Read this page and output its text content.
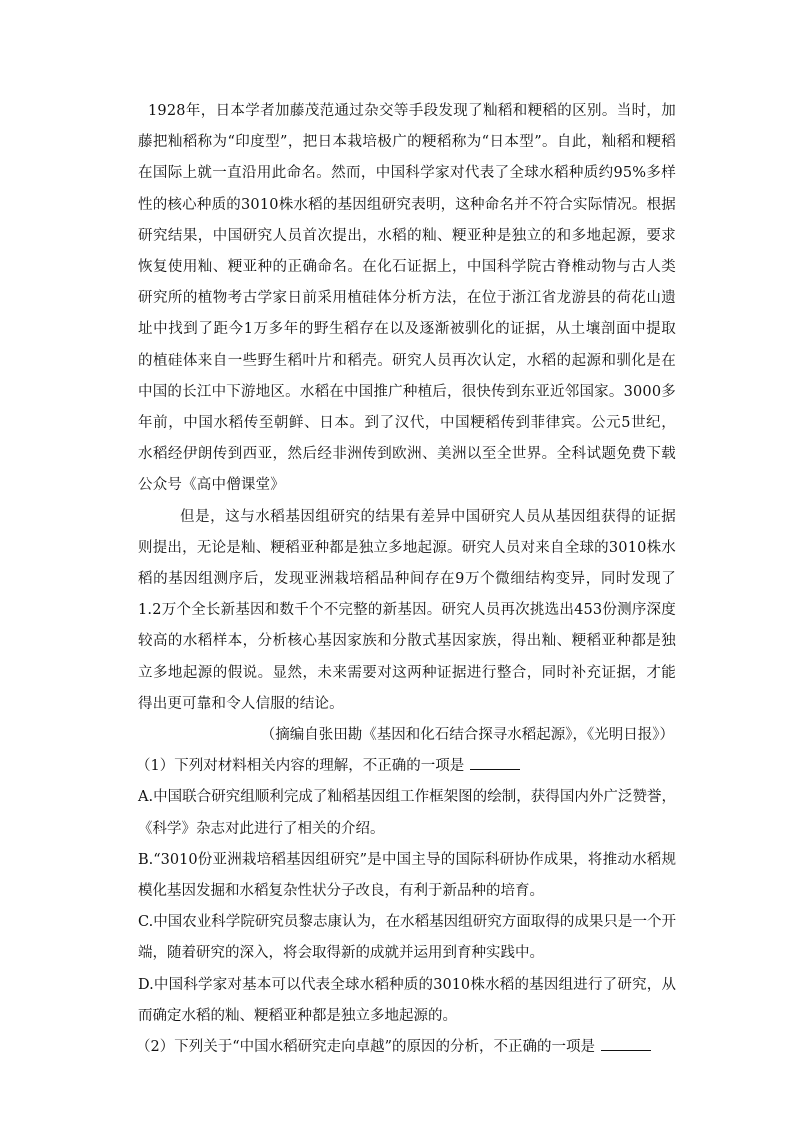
1928年，日本学者加藤茂范通过杂交等手段发现了籼稻和粳稻的区别。当时，加藤把籼稻称为“印度型”，把日本栽培极广的粳稻称为“日本型”。自此，籼稻和粳稻在国际上就一直沿用此命名。然而，中国科学家对代表了全球水稻种质约95%多样性的核心种质的3010株水稻的基因组研究表明，这种命名并不符合实际情况。根据研究结果，中国研究人员首次提出，水稻的籼、粳亚种是独立的和多地起源，要求恢复使用籼、粳亚种的正确命名。在化石证据上，中国科学院古脊椎动物与古人类研究所的植物考古学家日前采用植硅体分析方法，在位于浙江省龙游县的荷花山遗址中找到了距今1万多年的野生稻存在以及逐渐被驯化的证据，从土壤剖面中提取的植硅体来自一些野生稻叶片和稻壳。研究人员再次认定，水稻的起源和驯化是在中国的长江中下游地区。水稻在中国推广种植后，很快传到东亚近邻国家。3000多年前，中国水稻传至朝鲜、日本。到了汉代，中国粳稻传到菲律宾。公元5世纪，水稻经伊朗传到西亚，然后经非洲传到欧洲、美洲以至全世界。全科试题免费下载公众号《高中僧课堂》

但是，这与水稻基因组研究的结果有差异中国研究人员从基因组获得的证据则提出，无论是籼、粳稻亚种都是独立多地起源。研究人员对来自全球的3010株水稻的基因组测序后，发现亚洲栽培稻品种间存在9万个微细结构变异，同时发现了1.2万个全长新基因和数千个不完整的新基因。研究人员再次挑选出453份测序深度较高的水稻样本，分析核心基因家族和分散式基因家族，得出籼、粳稻亚种都是独立多地起源的假说。显然，未来需要对这两种证据进行整合，同时补充证据，才能得出更可靠和令人信服的结论。

（摘编自张田勘《基因和化石结合探寻水稻起源》，《光明日报》）

（1）下列对材料相关内容的理解，不正确的一项是

A.中国联合研究组顺利完成了籼稻基因组工作框架图的绘制，获得国内外广泛赞誉，《科学》杂志对此进行了相关的介绍。

B.“3010份亚洲栽培稻基因组研究”是中国主导的国际科研协作成果，将推动水稻规模化基因发掘和水稻复杂性状分子改良，有利于新品种的培育。

C.中国农业科学院研究员黎志康认为，在水稻基因组研究方面取得的成果只是一个开端，随着研究的深入，将会取得新的成就并运用到育种实践中。

D.中国科学家对基本可以代表全球水稻种质的3010株水稻的基因组进行了研究，从而确定水稻的籼、粳稻亚种都是独立多地起源的。

（2）下列关于“中国水稻研究走向卓越”的原因的分析，不正确的一项是
